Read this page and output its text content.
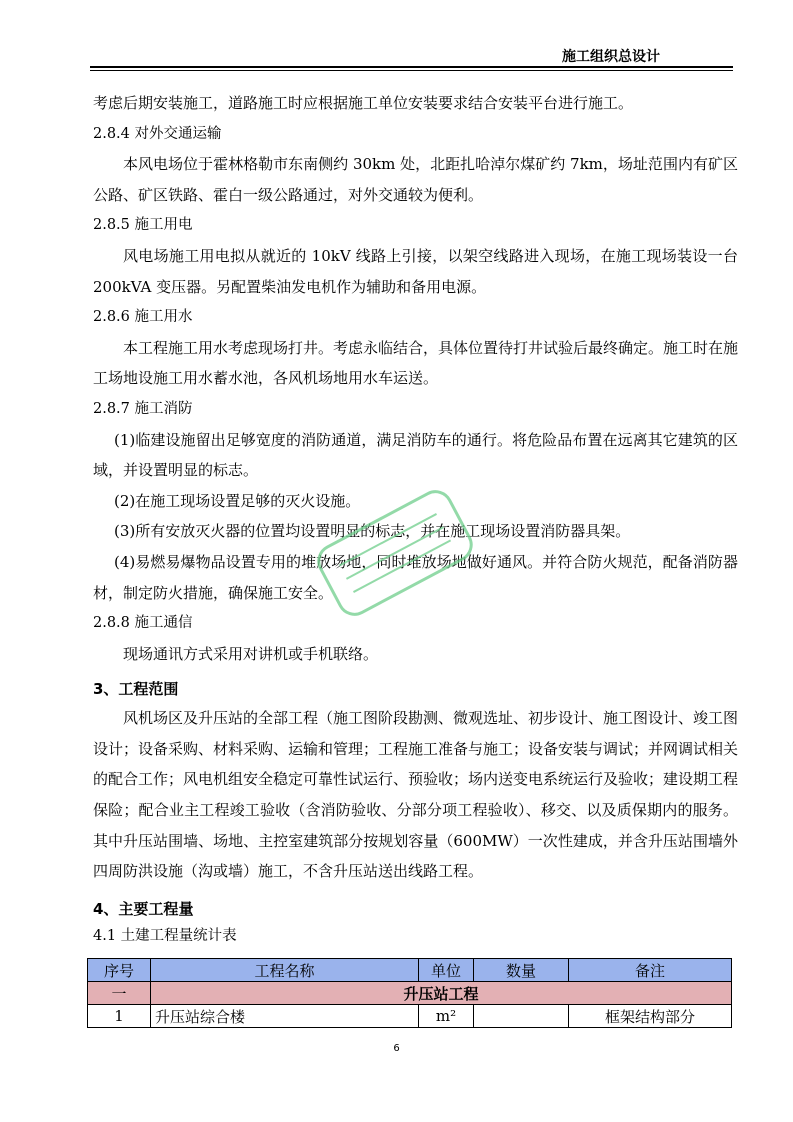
施工组织总设计

考虑后期安装施工，道路施工时应根据施工单位安装要求结合安装平台进行施工。

2.8.4 对外交通运输

本风电场位于霍林格勒市东南侧约 30km 处，北距扎哈淖尔煤矿约 7km，场址范围内有矿区公路、矿区铁路、霍白一级公路通过，对外交通较为便利。

2.8.5 施工用电

风电场施工用电拟从就近的 10kV 线路上引接，以架空线路进入现场，在施工现场装设一台 200kVA 变压器。另配置柴油发电机作为辅助和备用电源。

2.8.6 施工用水

本工程施工用水考虑现场打井。考虑永临结合，具体位置待打井试验后最终确定。施工时在施工场地设施工用水蓄水池，各风机场地用水车运送。

2.8.7 施工消防

(1)临建设施留出足够宽度的消防通道，满足消防车的通行。将危险品布置在远离其它建筑的区域，并设置明显的标志。

(2)在施工现场设置足够的灭火设施。

(3)所有安放灭火器的位置均设置明显的标志，并在施工现场设置消防器具架。

(4)易燃易爆物品设置专用的堆放场地，同时堆放场地做好通风。并符合防火规范，配备消防器材，制定防火措施，确保施工安全。

2.8.8 施工通信

现场通讯方式采用对讲机或手机联络。

3、工程范围

风机场区及升压站的全部工程（施工图阶段勘测、微观选址、初步设计、施工图设计、竣工图设计；设备采购、材料采购、运输和管理；工程施工准备与施工；设备安装与调试；并网调试相关的配合工作；风电机组安全稳定可靠性试运行、预验收；场内送变电系统运行及验收；建设期工程保险；配合业主工程竣工验收（含消防验收、分部分项工程验收）、移交、以及质保期内的服务。其中升压站围墙、场地、主控室建筑部分按规划容量（600MW）一次性建成，并含升压站围墙外四周防洪设施（沟或墙）施工，不含升压站送出线路工程。

4、主要工程量

4.1 土建工程量统计表

序号	工程名称	单位	数量	备注
一	升压站工程			
1	升压站综合楼	m²		框架结构部分
6
